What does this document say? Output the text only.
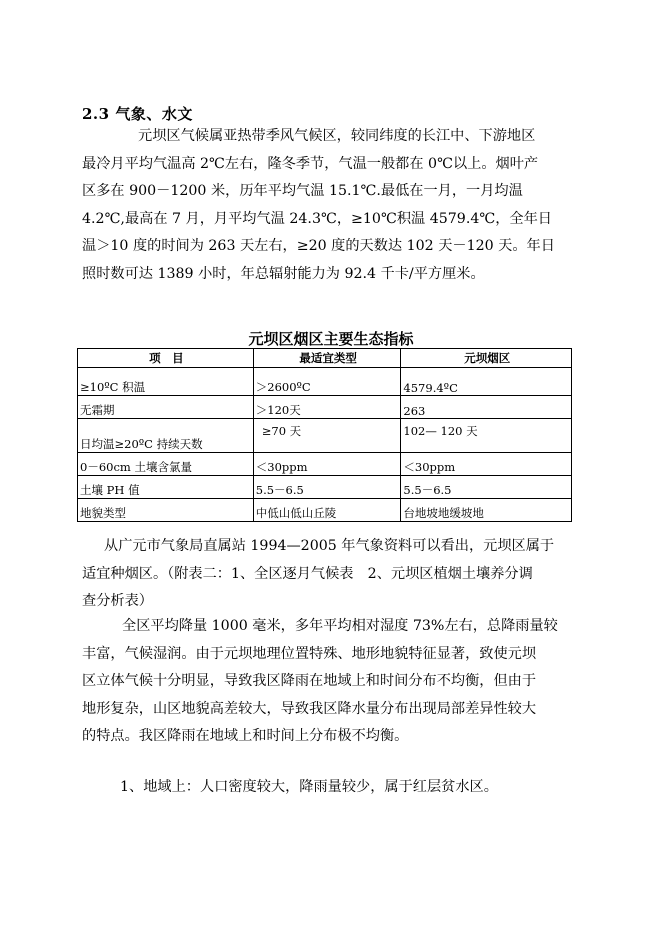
2.3 气象、水文
元坝区气候属亚热带季风气候区，较同纬度的长江中、下游地区
最冷月平均气温高 2℃左右，隆冬季节，气温一般都在 0℃以上。烟叶产
区多在 900－1200 米，历年平均气温 15.1℃.最低在一月，一月均温
4.2℃,最高在 7 月，月平均气温 24.3℃，≥10℃积温 4579.4℃，全年日
温＞10 度的时间为 263 天左右，≥20 度的天数达 102 天－120 天。年日
照时数可达 1389 小时，年总辐射能力为 92.4 千卡/平方厘米。
元坝区烟区主要生态指标
项　目	最适宜类型	元坝烟区
≥10ºC 积温	＞2600ºC	4579.4ºC
无霜期	＞120天	263
日均温≥20ºC 持续天数	≥70 天	102— 120 天
0－60cm 土壤含氯量	＜30ppm	＜30ppm
土壤 PH 值	5.5－6.5	5.5－6.5
地貌类型	中低山低山丘陵	台地坡地缓坡地
从广元市气象局直属站 1994—2005 年气象资料可以看出，元坝区属于
适宜种烟区。（附表二：1、全区逐月气候表　2、元坝区植烟土壤养分调
查分析表）
全区平均降量 1000 毫米，多年平均相对湿度 73%左右，总降雨量较
丰富，气候湿润。由于元坝地理位置特殊、地形地貌特征显著，致使元坝
区立体气候十分明显，导致我区降雨在地域上和时间分布不均衡，但由于
地形复杂，山区地貌高差较大，导致我区降水量分布出现局部差异性较大
的特点。我区降雨在地域上和时间上分布极不均衡。
1、地域上：人口密度较大，降雨量较少，属于红层贫水区。
